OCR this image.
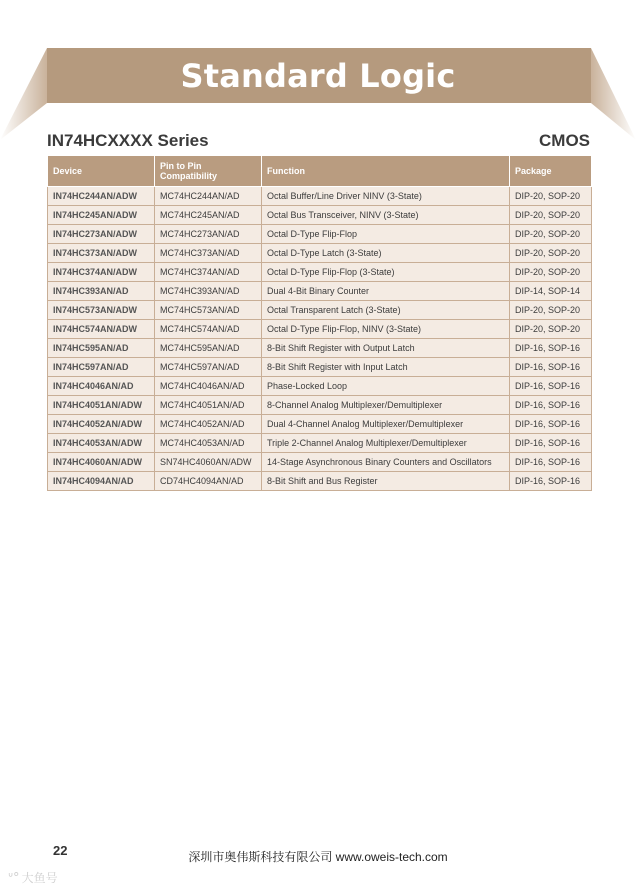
Standard Logic
IN74HCXXXX Series	CMOS
Device	Pin to Pin Compatibility	Function	Package
IN74HC244AN/ADW	MC74HC244AN/AD	Octal Buffer/Line Driver NINV (3-State)	DIP-20, SOP-20
IN74HC245AN/ADW	MC74HC245AN/AD	Octal Bus Transceiver, NINV (3-State)	DIP-20, SOP-20
IN74HC273AN/ADW	MC74HC273AN/AD	Octal D-Type Flip-Flop	DIP-20, SOP-20
IN74HC373AN/ADW	MC74HC373AN/AD	Octal D-Type Latch (3-State)	DIP-20, SOP-20
IN74HC374AN/ADW	MC74HC374AN/AD	Octal D-Type Flip-Flop (3-State)	DIP-20, SOP-20
IN74HC393AN/AD	MC74HC393AN/AD	Dual 4-Bit Binary Counter	DIP-14, SOP-14
IN74HC573AN/ADW	MC74HC573AN/AD	Octal Transparent Latch (3-State)	DIP-20, SOP-20
IN74HC574AN/ADW	MC74HC574AN/AD	Octal D-Type Flip-Flop, NINV (3-State)	DIP-20, SOP-20
IN74HC595AN/AD	MC74HC595AN/AD	8-Bit Shift Register with Output Latch	DIP-16, SOP-16
IN74HC597AN/AD	MC74HC597AN/AD	8-Bit Shift Register with Input Latch	DIP-16, SOP-16
IN74HC4046AN/AD	MC74HC4046AN/AD	Phase-Locked Loop	DIP-16, SOP-16
IN74HC4051AN/ADW	MC74HC4051AN/AD	8-Channel Analog Multiplexer/Demultiplexer	DIP-16, SOP-16
IN74HC4052AN/ADW	MC74HC4052AN/AD	Dual 4-Channel Analog Multiplexer/Demultiplexer	DIP-16, SOP-16
IN74HC4053AN/ADW	MC74HC4053AN/AD	Triple 2-Channel Analog Multiplexer/Demultiplexer	DIP-16, SOP-16
IN74HC4060AN/ADW	SN74HC4060AN/ADW	14-Stage Asynchronous Binary Counters and Oscillators	DIP-16, SOP-16
IN74HC4094AN/AD	CD74HC4094AN/AD	8-Bit Shift and Bus Register	DIP-16, SOP-16
22	深圳市奥伟斯科技有限公司 www.oweis-tech.com
ᐡ° 大鱼号
